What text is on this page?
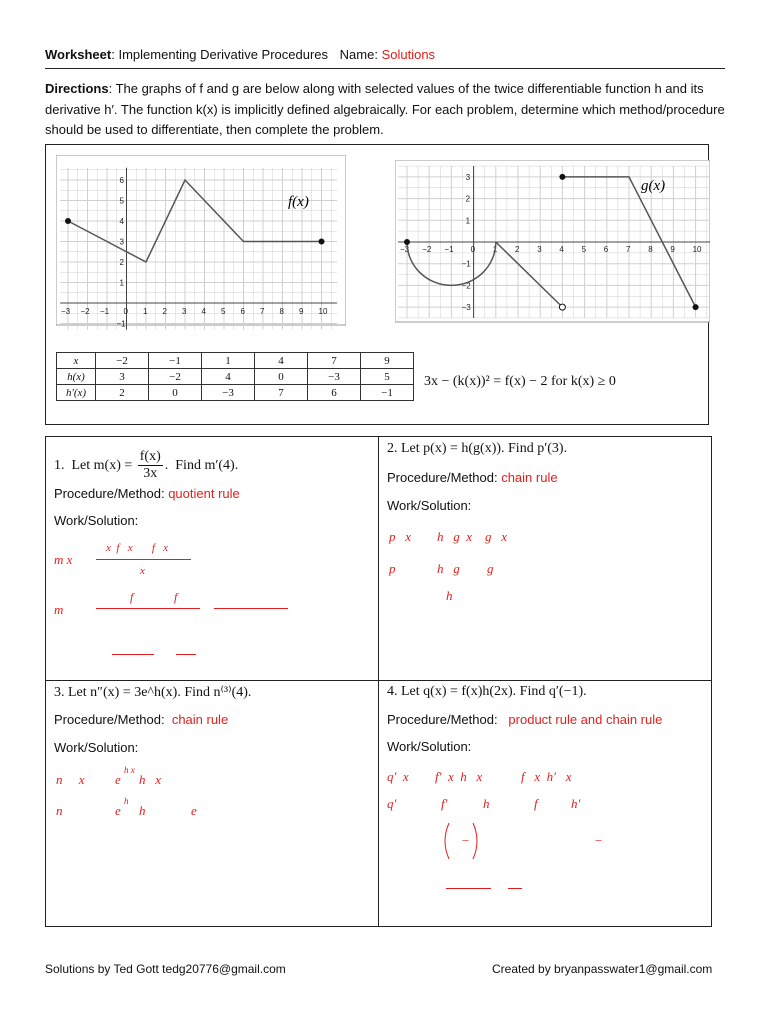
Worksheet: Implementing Derivative Procedures Name: Solutions
Directions: The graphs of f and g are below along with selected values of the twice differentiable function h and its derivative h′. The function k(x) is implicitly defined algebraically. For each problem, determine which method/procedure should be used to differentiate, then complete the problem.
−3 −2 −1 0 1 2 3 4 5 6 7 8 9 10
6
5
4
3
2
1
−1
f(x)
−3 −2 −1 0 1 2 3 4 5 6 7 8 9 10
3
2
1
−1
−2
−3
g(x)
x	−2	−1	1	4	7	9
h(x)	3	−2	4	0	−3	5
h′(x)	2	0	−3	7	6	−1
3x − (k(x))² = f(x) − 2 for k(x) ≥ 0
1.  Let $m(x) = \frac{f(x)}{3x}$ .  Find m′(4).
Procedure/Method: quotient rule
Work/Solution:
m x
x  f   x       f   x
x
m
f	f
2. Let p(x) = h(g(x)). Find p′(3).
Procedure/Method: chain rule
Work/Solution:
p   x h   g  x    g   x
p	h   g g
h
3. Let n″(x) = 3e^h(x). Find n⁽³⁾(4).
Procedure/Method: chain rule
Work/Solution:
n     x e
h x
h   x
n	e
h
h	e
4. Let q(x) = f(x)h(2x). Find q′(−1).
Procedure/Method: product rule and chain rule
Work/Solution:
q′  x f′  x  h   x	f   x  h′   x
q′	f′	h	f	h′
−	−
Solutions by Ted Gott tedg20776@gmail.com	Created by bryanpasswater1@gmail.com
